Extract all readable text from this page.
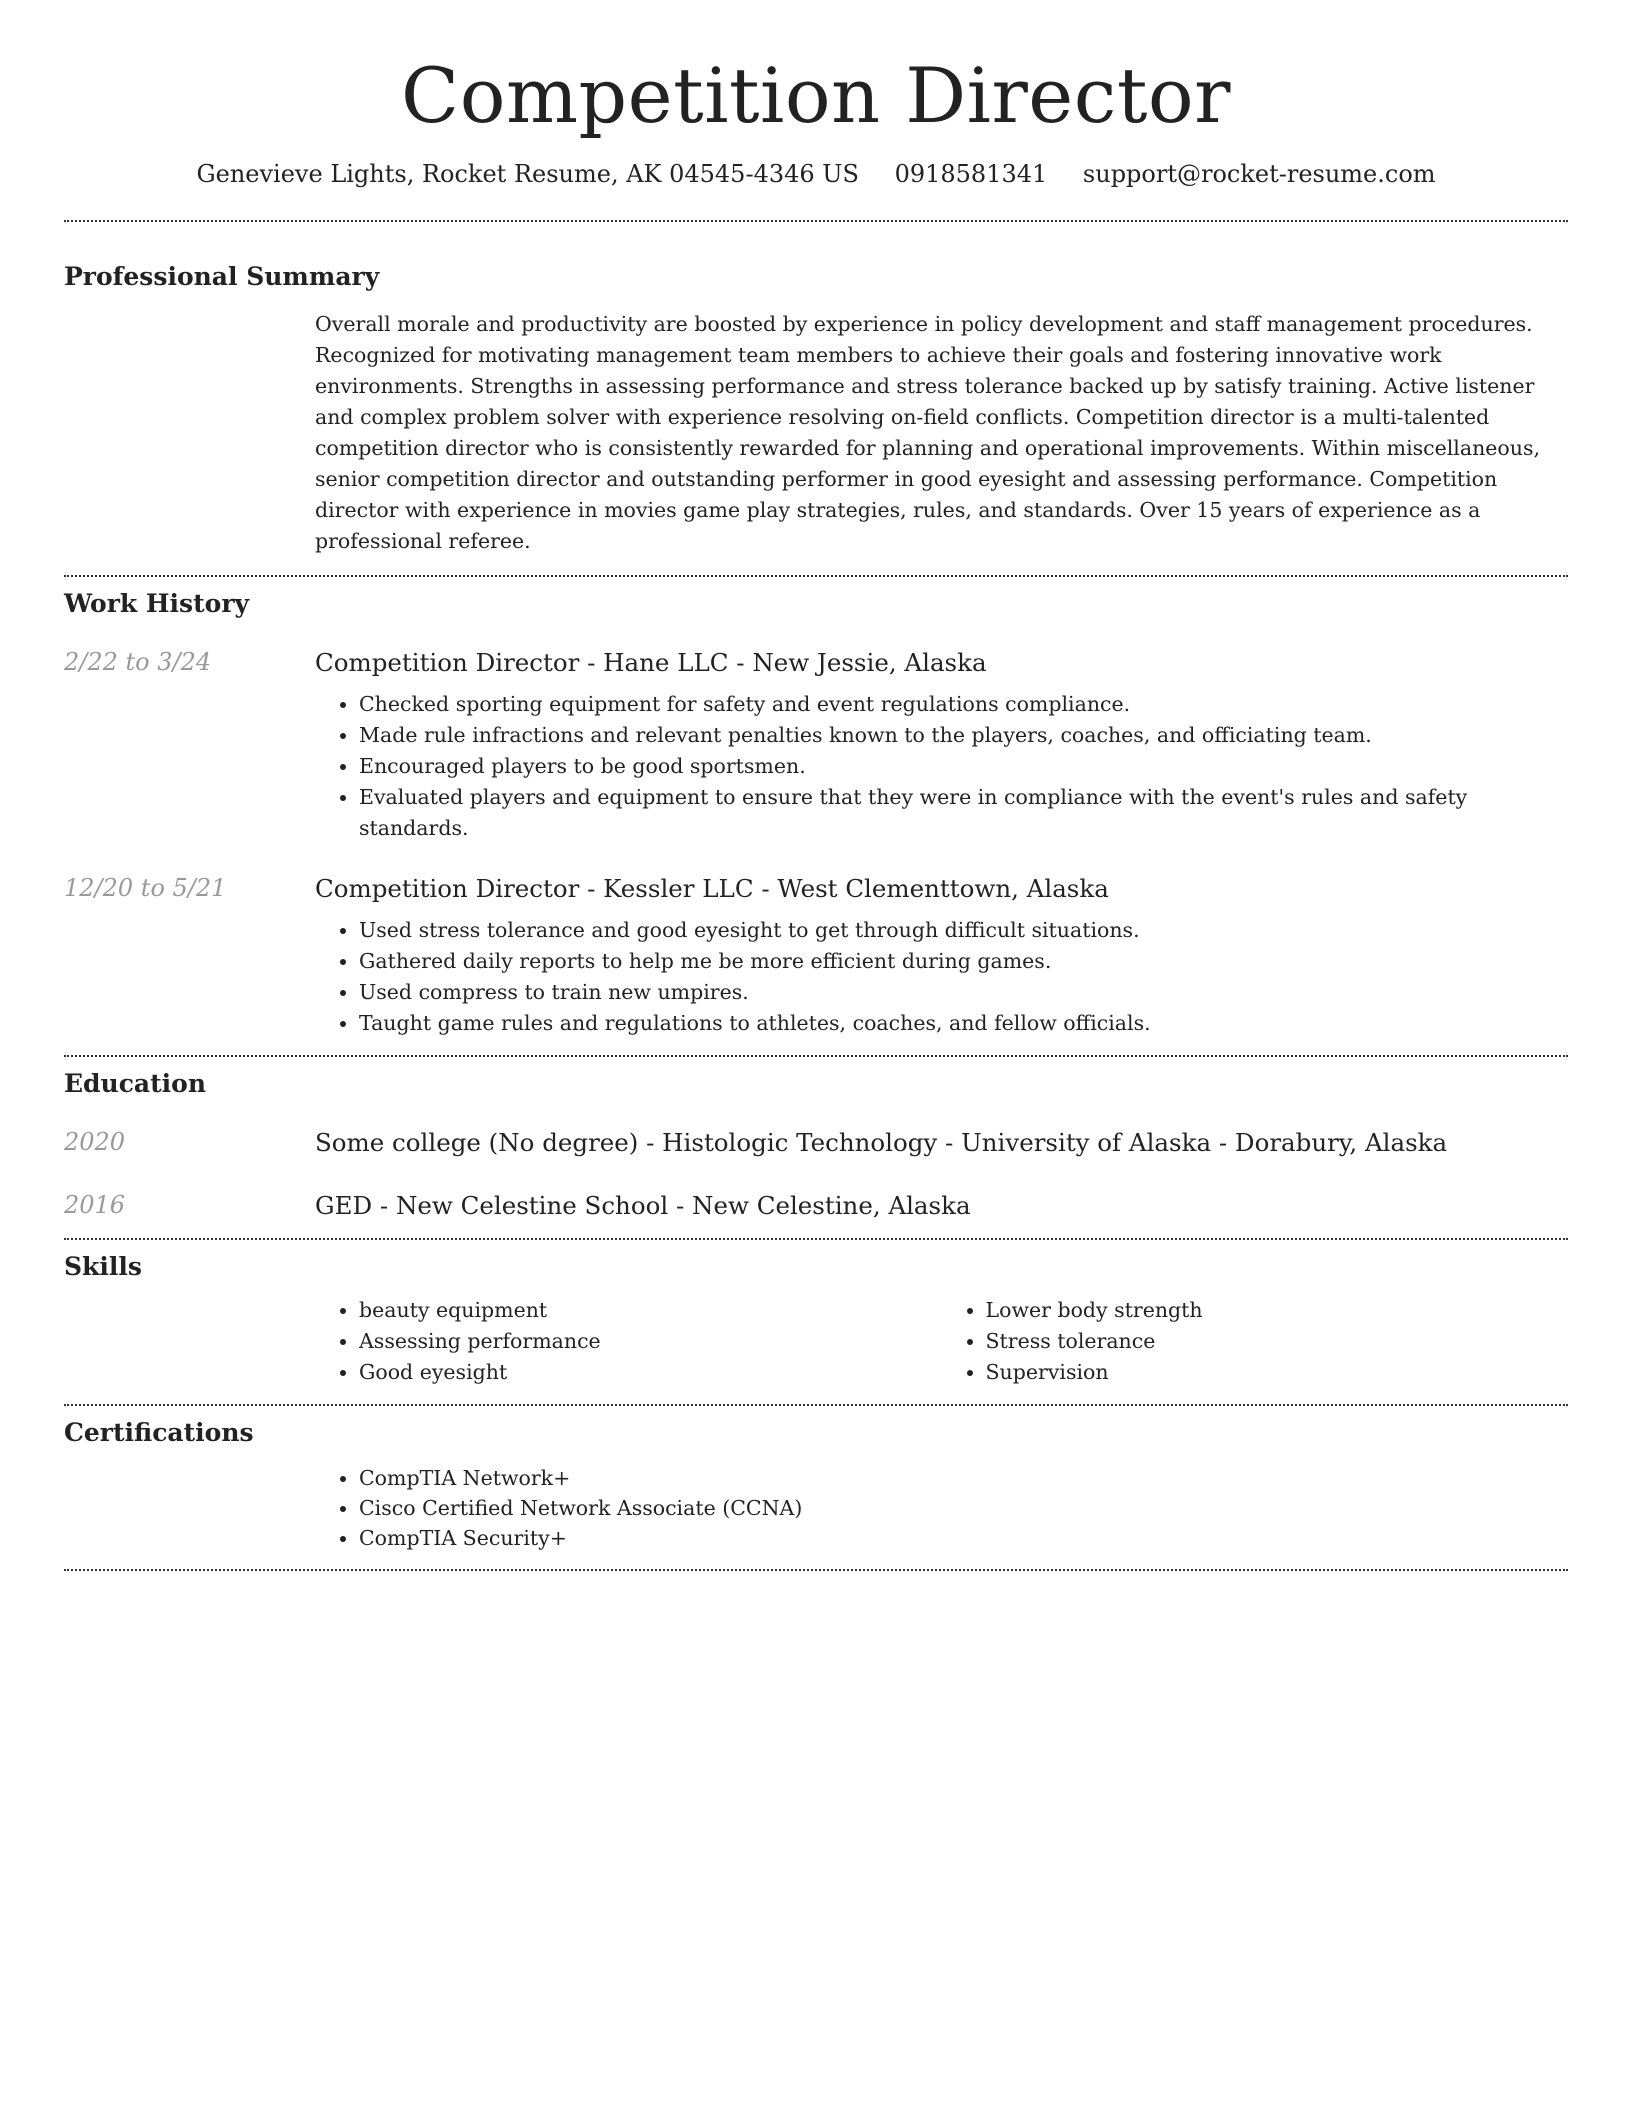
Competition Director
Genevieve Lights, Rocket Resume, AK 04545-4346 US 0918581341 support@rocket-resume.com
Professional Summary
Overall morale and productivity are boosted by experience in policy development and staff management procedures. Recognized for motivating management team members to achieve their goals and fostering innovative work environments. Strengths in assessing performance and stress tolerance backed up by satisfy training. Active listener and complex problem solver with experience resolving on-field conflicts. Competition director is a multi-talented competition director who is consistently rewarded for planning and operational improvements. Within miscellaneous, senior competition director and outstanding performer in good eyesight and assessing performance. Competition director with experience in movies game play strategies, rules, and standards. Over 15 years of experience as a professional referee.
Work History
2/22 to 3/24	Competition Director - Hane LLC - New Jessie, Alaska
• Checked sporting equipment for safety and event regulations compliance.
• Made rule infractions and relevant penalties known to the players, coaches, and officiating team.
• Encouraged players to be good sportsmen.
• Evaluated players and equipment to ensure that they were in compliance with the event's rules and safety standards.
12/20 to 5/21	Competition Director - Kessler LLC - West Clementtown, Alaska
• Used stress tolerance and good eyesight to get through difficult situations.
• Gathered daily reports to help me be more efficient during games.
• Used compress to train new umpires.
• Taught game rules and regulations to athletes, coaches, and fellow officials.
Education
2020	Some college (No degree) - Histologic Technology - University of Alaska - Dorabury, Alaska
2016	GED - New Celestine School - New Celestine, Alaska
Skills
• beauty equipment
• Assessing performance
• Good eyesight
• Lower body strength
• Stress tolerance
• Supervision
Certifications
• CompTIA Network+
• Cisco Certified Network Associate (CCNA)
• CompTIA Security+
